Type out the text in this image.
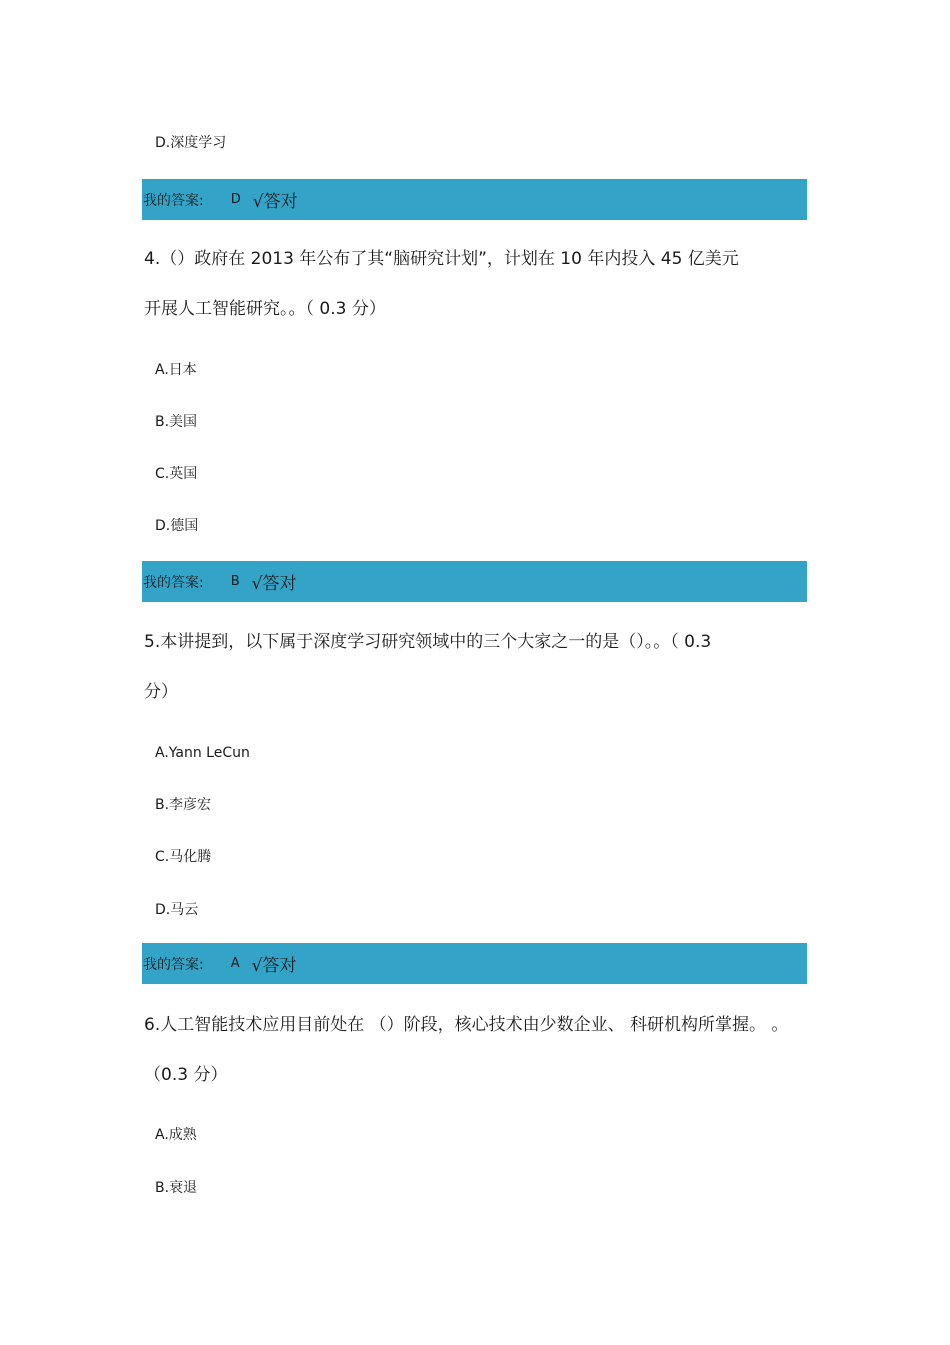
D.深度学习
我的答案: D √答对
4.（）政府在 2013 年公布了其“脑研究计划”，计划在 10 年内投入 45 亿美元
开展人工智能研究。。（ 0.3 分）
A.日本
B.美国
C.英国
D.德国
我的答案: B √答对
5.本讲提到，以下属于深度学习研究领域中的三个大家之一的是（）。。（ 0.3
分）
A.Yann LeCun
B.李彦宏
C.马化腾
D.马云
我的答案: A √答对
6.人工智能技术应用目前处在 （）阶段，核心技术由少数企业、 科研机构所掌握。 。
（0.3 分）
A.成熟
B.衰退
